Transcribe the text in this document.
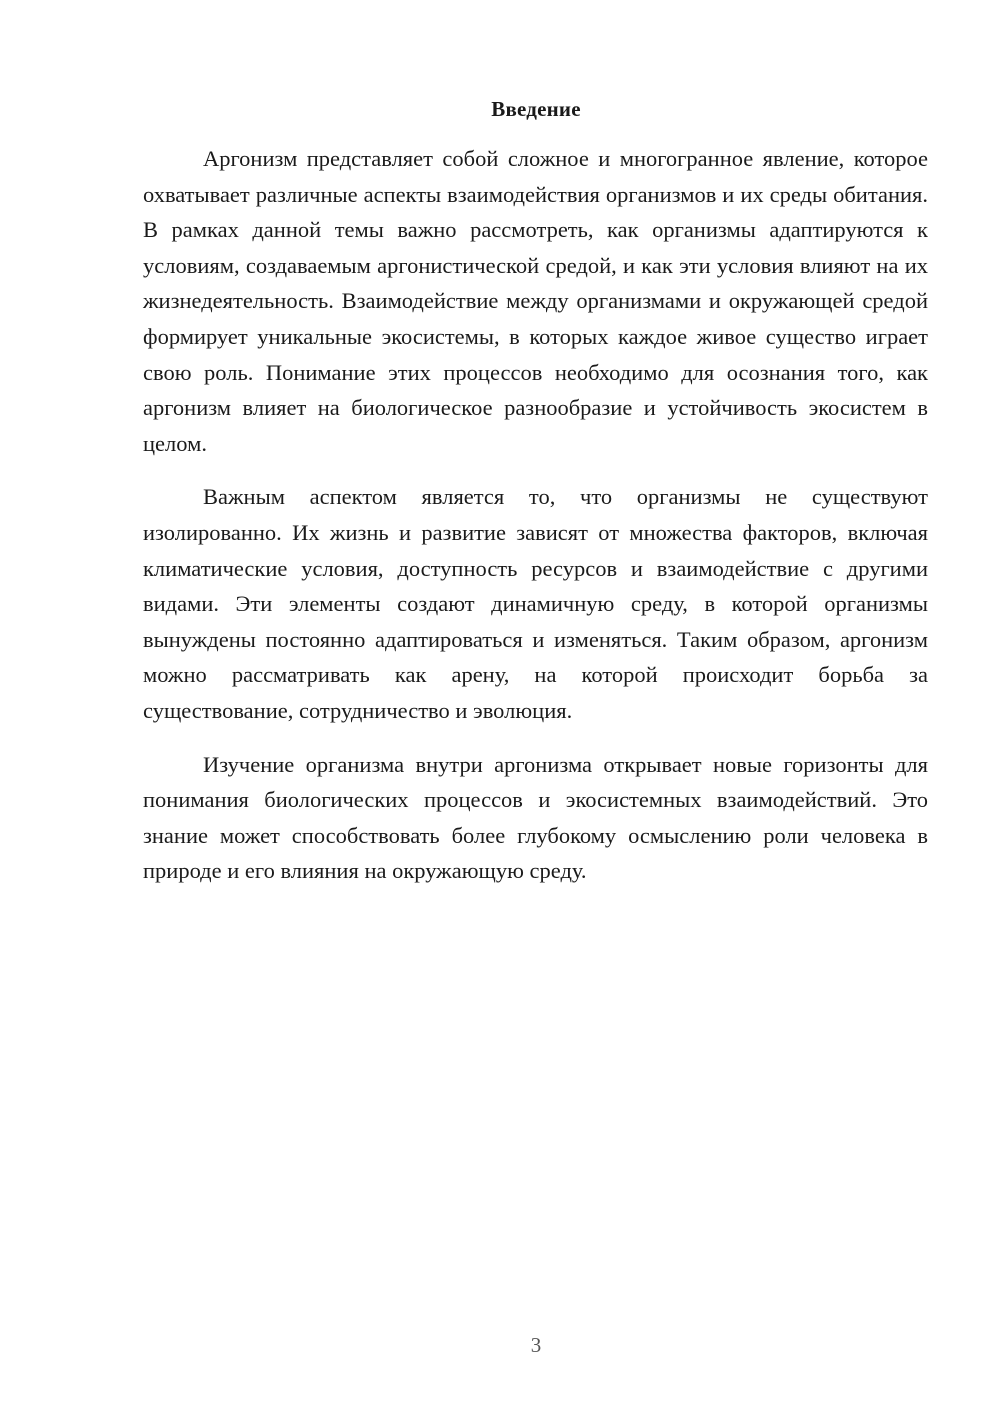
Введение

Аргонизм представляет собой сложное и многогранное явление, которое охватывает различные аспекты взаимодействия организмов и их среды обитания. В рамках данной темы важно рассмотреть, как организмы адаптируются к условиям, создаваемым аргонистической средой, и как эти условия влияют на их жизнедеятельность. Взаимодействие между организмами и окружающей средой формирует уникальные экосистемы, в которых каждое живое существо играет свою роль. Понимание этих процессов необходимо для осознания того, как аргонизм влияет на биологическое разнообразие и устойчивость экосистем в целом.

Важным аспектом является то, что организмы не существуют изолированно. Их жизнь и развитие зависят от множества факторов, включая климатические условия, доступность ресурсов и взаимодействие с другими видами. Эти элементы создают динамичную среду, в которой организмы вынуждены постоянно адаптироваться и изменяться. Таким образом, аргонизм можно рассматривать как арену, на которой происходит борьба за существование, сотрудничество и эволюция.

Изучение организма внутри аргонизма открывает новые горизонты для понимания биологических процессов и экосистемных взаимодействий. Это знание может способствовать более глубокому осмыслению роли человека в природе и его влияния на окружающую среду.

3
